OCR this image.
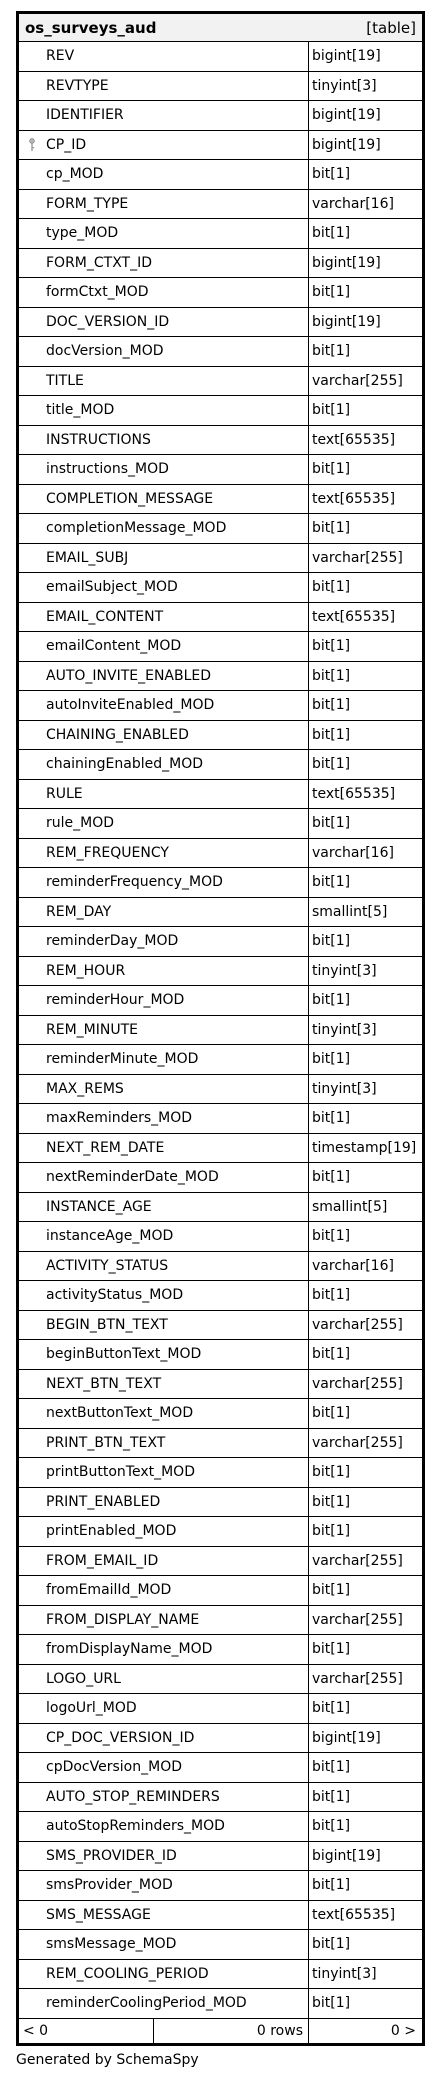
os_surveys_aud	[table]
REV	bigint[19]
REVTYPE	tinyint[3]
IDENTIFIER	bigint[19]
CP_ID	bigint[19]
cp_MOD	bit[1]
FORM_TYPE	varchar[16]
type_MOD	bit[1]
FORM_CTXT_ID	bigint[19]
formCtxt_MOD	bit[1]
DOC_VERSION_ID	bigint[19]
docVersion_MOD	bit[1]
TITLE	varchar[255]
title_MOD	bit[1]
INSTRUCTIONS	text[65535]
instructions_MOD	bit[1]
COMPLETION_MESSAGE	text[65535]
completionMessage_MOD	bit[1]
EMAIL_SUBJ	varchar[255]
emailSubject_MOD	bit[1]
EMAIL_CONTENT	text[65535]
emailContent_MOD	bit[1]
AUTO_INVITE_ENABLED	bit[1]
autoInviteEnabled_MOD	bit[1]
CHAINING_ENABLED	bit[1]
chainingEnabled_MOD	bit[1]
RULE	text[65535]
rule_MOD	bit[1]
REM_FREQUENCY	varchar[16]
reminderFrequency_MOD	bit[1]
REM_DAY	smallint[5]
reminderDay_MOD	bit[1]
REM_HOUR	tinyint[3]
reminderHour_MOD	bit[1]
REM_MINUTE	tinyint[3]
reminderMinute_MOD	bit[1]
MAX_REMS	tinyint[3]
maxReminders_MOD	bit[1]
NEXT_REM_DATE	timestamp[19]
nextReminderDate_MOD	bit[1]
INSTANCE_AGE	smallint[5]
instanceAge_MOD	bit[1]
ACTIVITY_STATUS	varchar[16]
activityStatus_MOD	bit[1]
BEGIN_BTN_TEXT	varchar[255]
beginButtonText_MOD	bit[1]
NEXT_BTN_TEXT	varchar[255]
nextButtonText_MOD	bit[1]
PRINT_BTN_TEXT	varchar[255]
printButtonText_MOD	bit[1]
PRINT_ENABLED	bit[1]
printEnabled_MOD	bit[1]
FROM_EMAIL_ID	varchar[255]
fromEmailId_MOD	bit[1]
FROM_DISPLAY_NAME	varchar[255]
fromDisplayName_MOD	bit[1]
LOGO_URL	varchar[255]
logoUrl_MOD	bit[1]
CP_DOC_VERSION_ID	bigint[19]
cpDocVersion_MOD	bit[1]
AUTO_STOP_REMINDERS	bit[1]
autoStopReminders_MOD	bit[1]
SMS_PROVIDER_ID	bigint[19]
smsProvider_MOD	bit[1]
SMS_MESSAGE	text[65535]
smsMessage_MOD	bit[1]
REM_COOLING_PERIOD	tinyint[3]
reminderCoolingPeriod_MOD	bit[1]
< 0	0 rows	0 >
Generated by SchemaSpy
